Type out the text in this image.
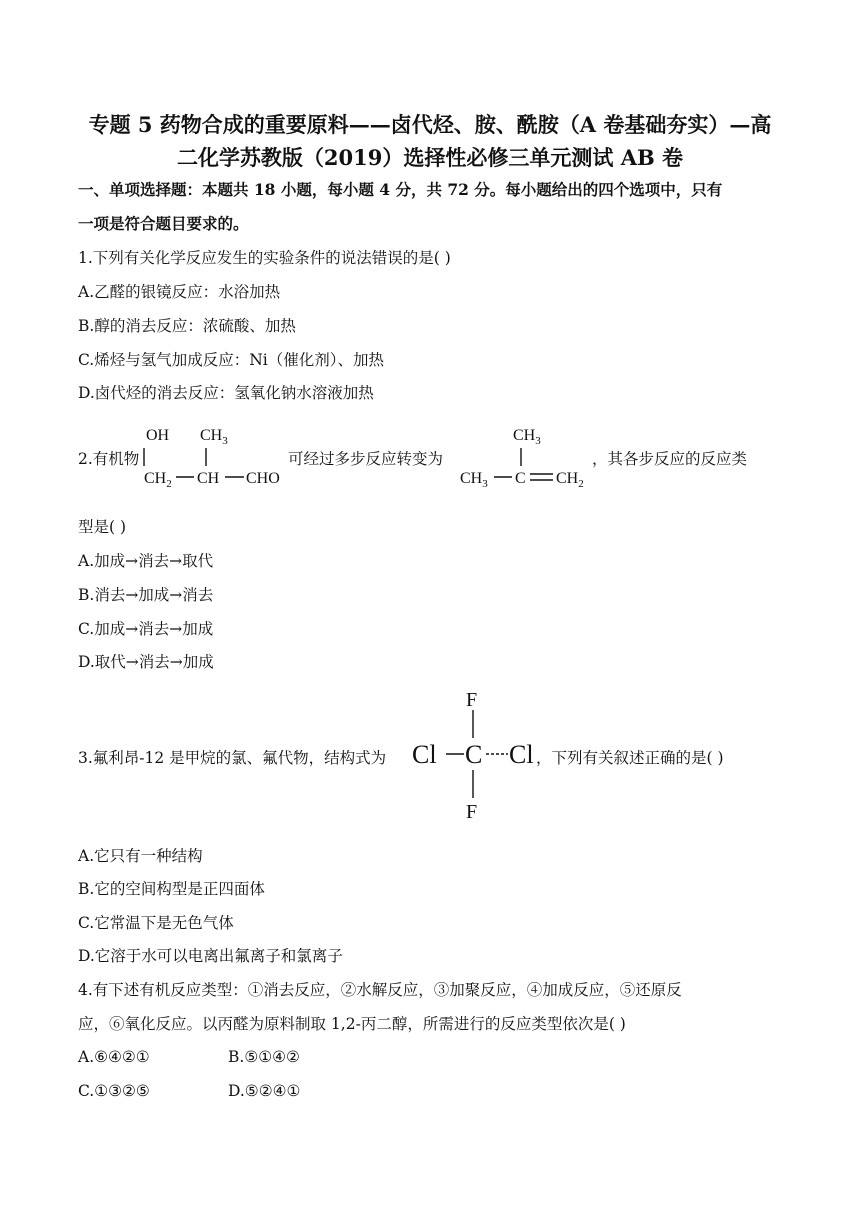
专题 5 药物合成的重要原料——卤代烃、胺、酰胺（A 卷基础夯实）—高
二化学苏教版（2019）选择性必修三单元测试 AB 卷
一、单项选择题：本题共 18 小题，每小题 4 分，共 72 分。每小题给出的四个选项中，只有
一项是符合题目要求的。
1.下列有关化学反应发生的实验条件的说法错误的是( )
A.乙醛的银镜反应：水浴加热
B.醇的消去反应：浓硫酸、加热
C.烯烃与氢气加成反应：Ni（催化剂）、加热
D.卤代烃的消去反应：氢氧化钠水溶液加热
2.有机物
OH $CH_3$
$CH_2$ CH CHO
可经过多步反应转变为
$CH_3$
$CH_3$ C $CH_2$
，其各步反应的反应类
型是( )
A.加成→消去→取代
B.消去→加成→消去
C.加成→消去→加成
D.取代→消去→加成
3.氟利昂-12 是甲烷的氯、氟代物，结构式为
F
Cl C Cl
F
，下列有关叙述正确的是( )
A.它只有一种结构
B.它的空间构型是正四面体
C.它常温下是无色气体
D.它溶于水可以电离出氟离子和氯离子
4.有下述有机反应类型：①消去反应，②水解反应，③加聚反应，④加成反应，⑤还原反
应，⑥氧化反应。以丙醛为原料制取 1,2-丙二醇，所需进行的反应类型依次是( )
A.⑥④②①	B.⑤①④②
C.①③②⑤	D.⑤②④①
